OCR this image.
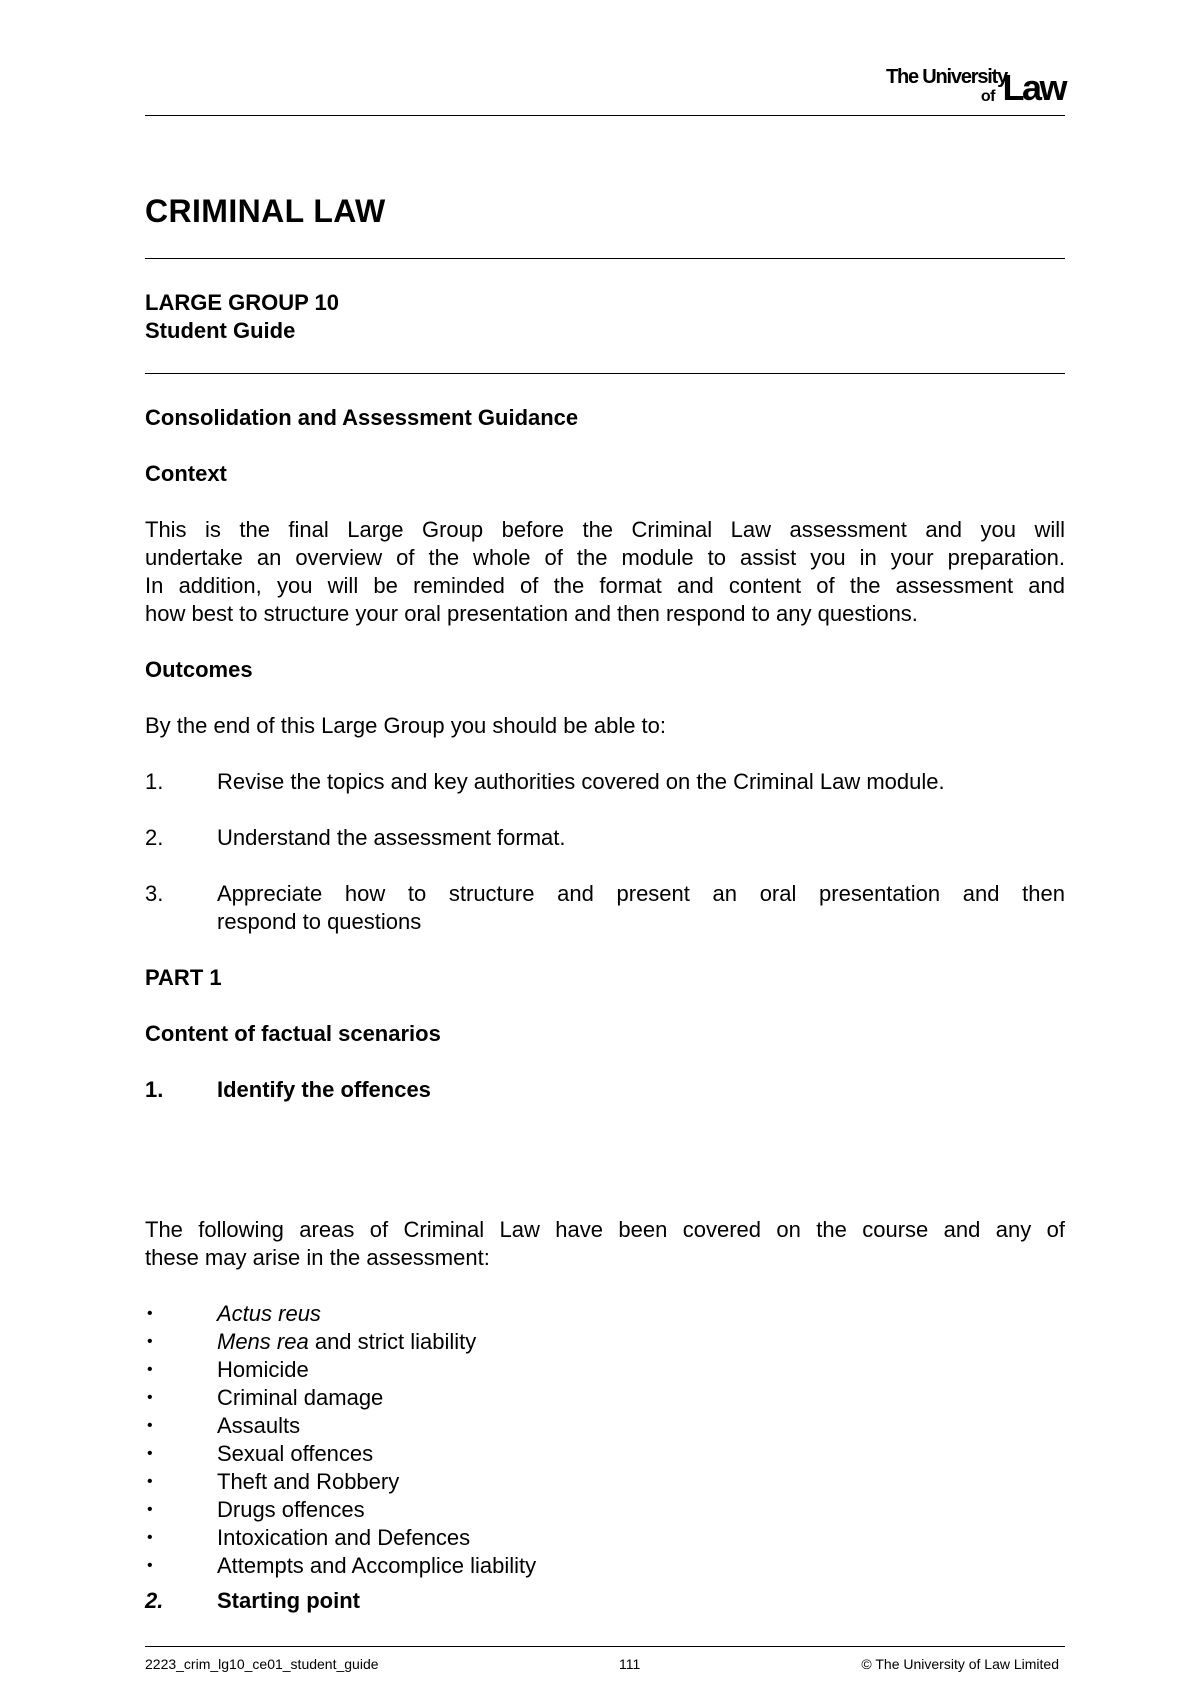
The University
of Law
CRIMINAL LAW
LARGE GROUP 10
Student Guide
Consolidation and Assessment Guidance
Context
This is the final Large Group before the Criminal Law assessment and you will
undertake an overview of the whole of the module to assist you in your preparation.
In addition, you will be reminded of the format and content of the assessment and
how best to structure your oral presentation and then respond to any questions.
Outcomes
By the end of this Large Group you should be able to:
1. Revise the topics and key authorities covered on the Criminal Law module.
2. Understand the assessment format.
3. Appreciate how to structure and present an oral presentation and then
respond to questions
PART 1
Content of factual scenarios
1. Identify the offences
The following areas of Criminal Law have been covered on the course and any of
these may arise in the assessment:
•	Actus reus
•	Mens rea and strict liability
•	Homicide
•	Criminal damage
•	Assaults
•	Sexual offences
•	Theft and Robbery
•	Drugs offences
•	Intoxication and Defences
•	Attempts and Accomplice liability
2. Starting point
2223_crim_lg10_ce01_student_guide	111	© The University of Law Limited
